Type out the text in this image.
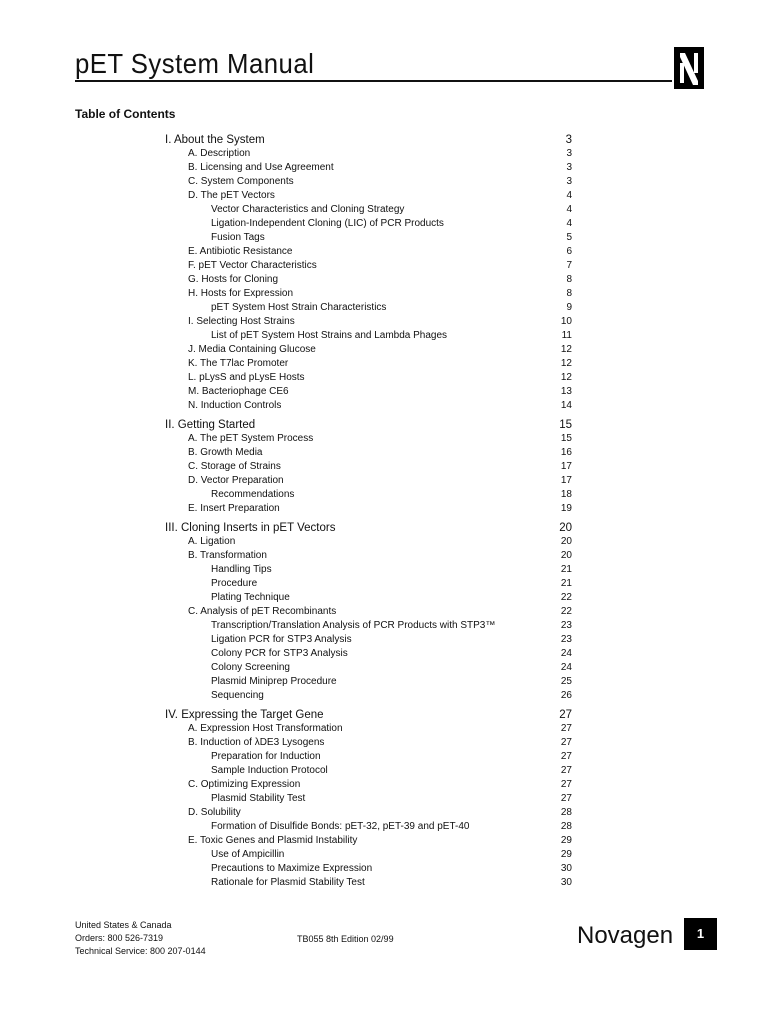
pET System Manual
Table of Contents
I. About the System	3
A. Description	3
B. Licensing and Use Agreement	3
C. System Components	3
D. The pET Vectors	4
Vector Characteristics and Cloning Strategy	4
Ligation-Independent Cloning (LIC) of PCR Products	4
Fusion Tags	5
E. Antibiotic Resistance	6
F. pET Vector Characteristics	7
G. Hosts for Cloning	8
H. Hosts for Expression	8
pET System Host Strain Characteristics	9
I. Selecting Host Strains	10
List of pET System Host Strains and Lambda Phages	11
J. Media Containing Glucose	12
K. The T7lac Promoter	12
L. pLysS and pLysE Hosts	12
M. Bacteriophage CE6	13
N. Induction Controls	14
II. Getting Started	15
A. The pET System Process	15
B. Growth Media	16
C. Storage of Strains	17
D. Vector Preparation	17
Recommendations	18
E. Insert Preparation	19
III. Cloning Inserts in pET Vectors	20
A. Ligation	20
B. Transformation	20
Handling Tips	21
Procedure	21
Plating Technique	22
C. Analysis of pET Recombinants	22
Transcription/Translation Analysis of PCR Products with STP3™	23
Ligation PCR for STP3 Analysis	23
Colony PCR for STP3 Analysis	24
Colony Screening	24
Plasmid Miniprep Procedure	25
Sequencing	26
IV. Expressing the Target Gene	27
A. Expression Host Transformation	27
B. Induction of λDE3 Lysogens	27
Preparation for Induction	27
Sample Induction Protocol	27
C. Optimizing Expression	27
Plasmid Stability Test	27
D. Solubility	28
Formation of Disulfide Bonds: pET-32, pET-39 and pET-40	28
E. Toxic Genes and Plasmid Instability	29
Use of Ampicillin	29
Precautions to Maximize Expression	30
Rationale for Plasmid Stability Test	30
United States & Canada
Orders: 800 526-7319
Technical Service: 800 207-0144
TB055 8th Edition 02/99	Novagen	1
